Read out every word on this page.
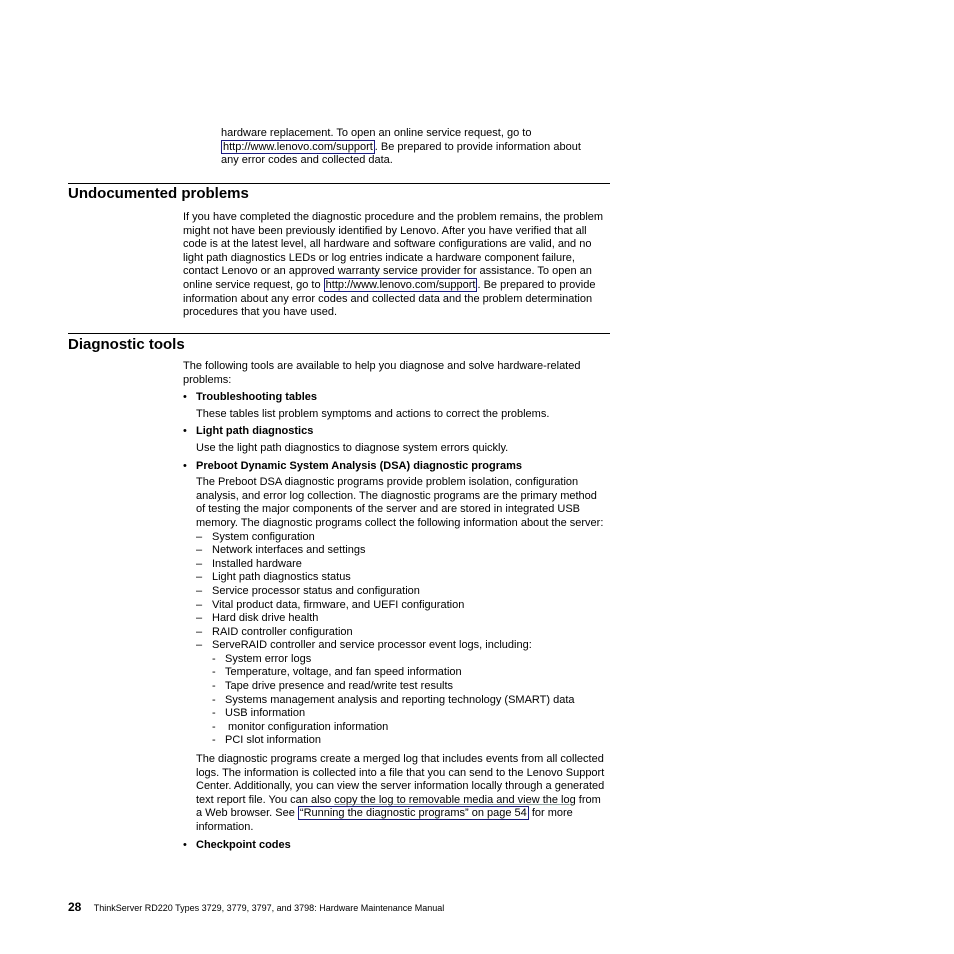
hardware replacement. To open an online service request, go to http://www.lenovo.com/support . Be prepared to provide information about any error codes and collected data.
Undocumented problems

If you have completed the diagnostic procedure and the problem remains, the problem might not have been previously identified by Lenovo. After you have verified that all code is at the latest level, all hardware and software configurations are valid, and no light path diagnostics LEDs or log entries indicate a hardware component failure, contact Lenovo or an approved warranty service provider for assistance. To open an online service request, go to http://www.lenovo.com/support . Be prepared to provide information about any error codes and collected data and the problem determination procedures that you have used.

Diagnostic tools

The following tools are available to help you diagnose and solve hardware-related problems:

• Troubleshooting tables
These tables list problem symptoms and actions to correct the problems.
• Light path diagnostics
Use the light path diagnostics to diagnose system errors quickly.
• Preboot Dynamic System Analysis (DSA) diagnostic programs
The Preboot DSA diagnostic programs provide problem isolation, configuration analysis, and error log collection. The diagnostic programs are the primary method of testing the major components of the server and are stored in integrated USB memory. The diagnostic programs collect the following information about the server:
– System configuration
– Network interfaces and settings
– Installed hardware
– Light path diagnostics status
– Service processor status and configuration
– Vital product data, firmware, and UEFI configuration
– Hard disk drive health
– RAID controller configuration
– ServeRAID controller and service processor event logs, including:
- System error logs
- Temperature, voltage, and fan speed information
- Tape drive presence and read/write test results
- Systems management analysis and reporting technology (SMART) data
- USB information
-  monitor configuration information
- PCI slot information

The diagnostic programs create a merged log that includes events from all collected logs. The information is collected into a file that you can send to the Lenovo Support Center. Additionally, you can view the server information locally through a generated text report file. You can also copy the log to removable media and view the log from a Web browser. See “Running the diagnostic programs” on page 54 for more information.

• Checkpoint codes
28 ThinkServer RD220 Types 3729, 3779, 3797, and 3798: Hardware Maintenance Manual
